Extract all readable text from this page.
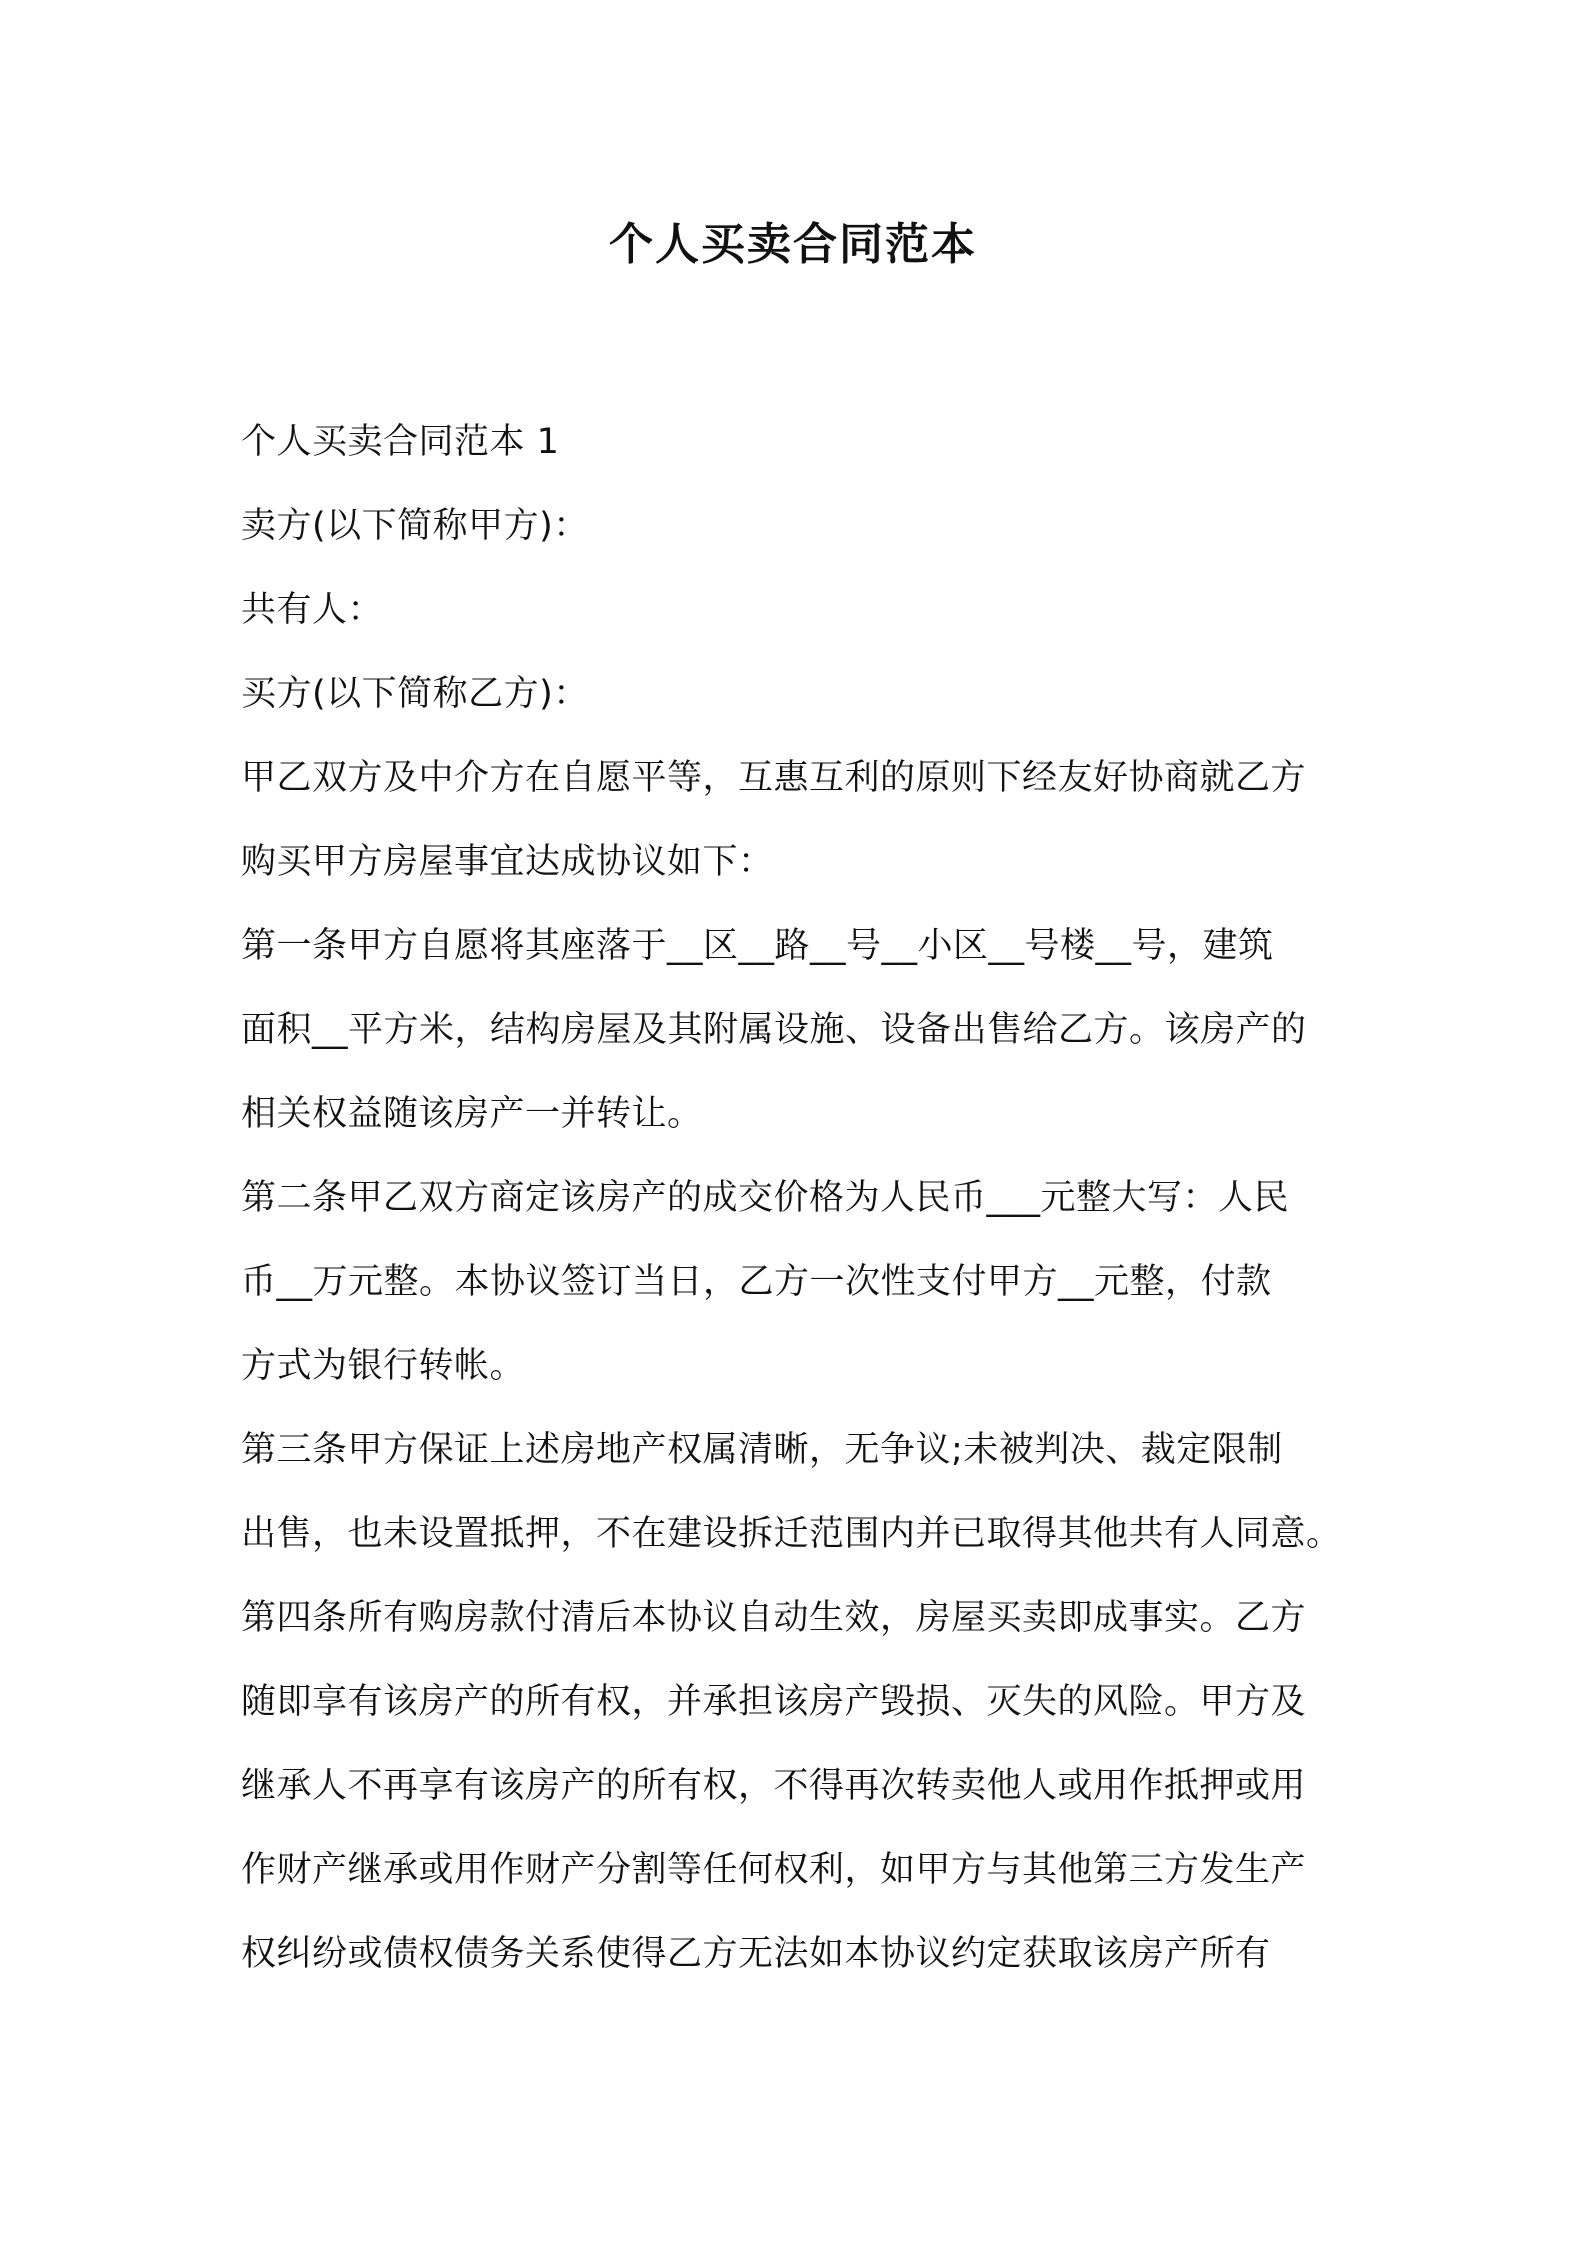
个人买卖合同范本
个人买卖合同范本 1
卖方(以下简称甲方)：
共有人：
买方(以下简称乙方)：
甲乙双方及中介方在自愿平等，互惠互利的原则下经友好协商就乙方
购买甲方房屋事宜达成协议如下：
第一条甲方自愿将其座落于__区__路__号__小区__号楼__号，建筑
面积__平方米，结构房屋及其附属设施、设备出售给乙方。该房产的
相关权益随该房产一并转让。
第二条甲乙双方商定该房产的成交价格为人民币___元整大写：人民
币__万元整。本协议签订当日，乙方一次性支付甲方__元整，付款
方式为银行转帐。
第三条甲方保证上述房地产权属清晰，无争议;未被判决、裁定限制
出售，也未设置抵押，不在建设拆迁范围内并已取得其他共有人同意。
第四条所有购房款付清后本协议自动生效，房屋买卖即成事实。乙方
随即享有该房产的所有权，并承担该房产毁损、灭失的风险。甲方及
继承人不再享有该房产的所有权，不得再次转卖他人或用作抵押或用
作财产继承或用作财产分割等任何权利，如甲方与其他第三方发生产
权纠纷或债权债务关系使得乙方无法如本协议约定获取该房产所有
